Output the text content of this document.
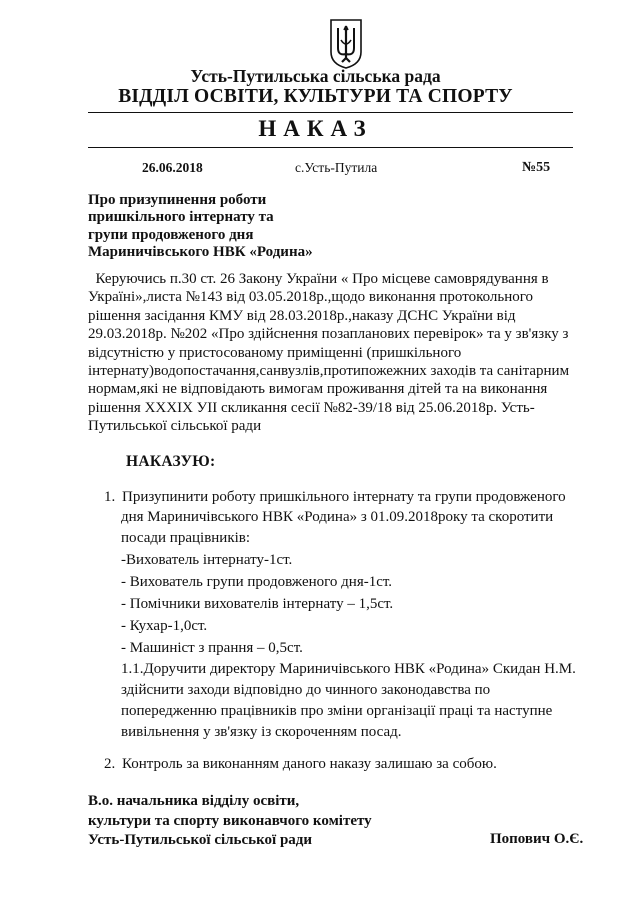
Усть-Путильська сільська рада
ВІДДІЛ ОСВІТИ, КУЛЬТУРИ ТА СПОРТУ
НАКАЗ
26.06.2018	с.Усть-Путила	№55
Про призупинення роботи
пришкільного інтернату та
групи продовженого дня
Мариничівського НВК «Родина»
Керуючись п.30 ст. 26 Закону України « Про місцеве самоврядування в
Україні»,листа №143 від 03.05.2018р.,щодо виконання протокольного
рішення засідання КМУ від 28.03.2018р.,наказу ДСНС України від
29.03.2018р. №202 «Про здійснення позапланових перевірок» та у зв'язку з
відсутністю у пристосованому приміщенні (пришкільного
інтернату)водопостачання,санвузлів,протипожежних заходів та санітарним
нормам,які не відповідають вимогам проживання дітей та на виконання
рішення ХХХІХ УІІ скликання сесії №82-39/18 від 25.06.2018р. Усть-
Путильської сільської ради
НАКАЗУЮ:
1. Призупинити роботу пришкільного інтернату та групи продовженого
дня Мариничівського НВК «Родина» з 01.09.2018року та скоротити
посади працівників:
-Вихователь інтернату-1ст.
- Вихователь групи продовженого дня-1ст.
- Помічники вихователів інтернату – 1,5ст.
- Кухар-1,0ст.
- Машиніст з прання – 0,5ст.
1.1.Доручити директору Мариничівського НВК «Родина» Скидан Н.М.
здійснити заходи відповідно до чинного законодавства по
попередженню працівників про зміни організації праці та наступне
вивільнення у зв'язку із скороченням посад.
2. Контроль за виконанням даного наказу залишаю за собою.
В.о. начальника відділу освіти,
культури та спорту виконавчого комітету
Усть-Путильської сільської ради	Попович О.Є.
